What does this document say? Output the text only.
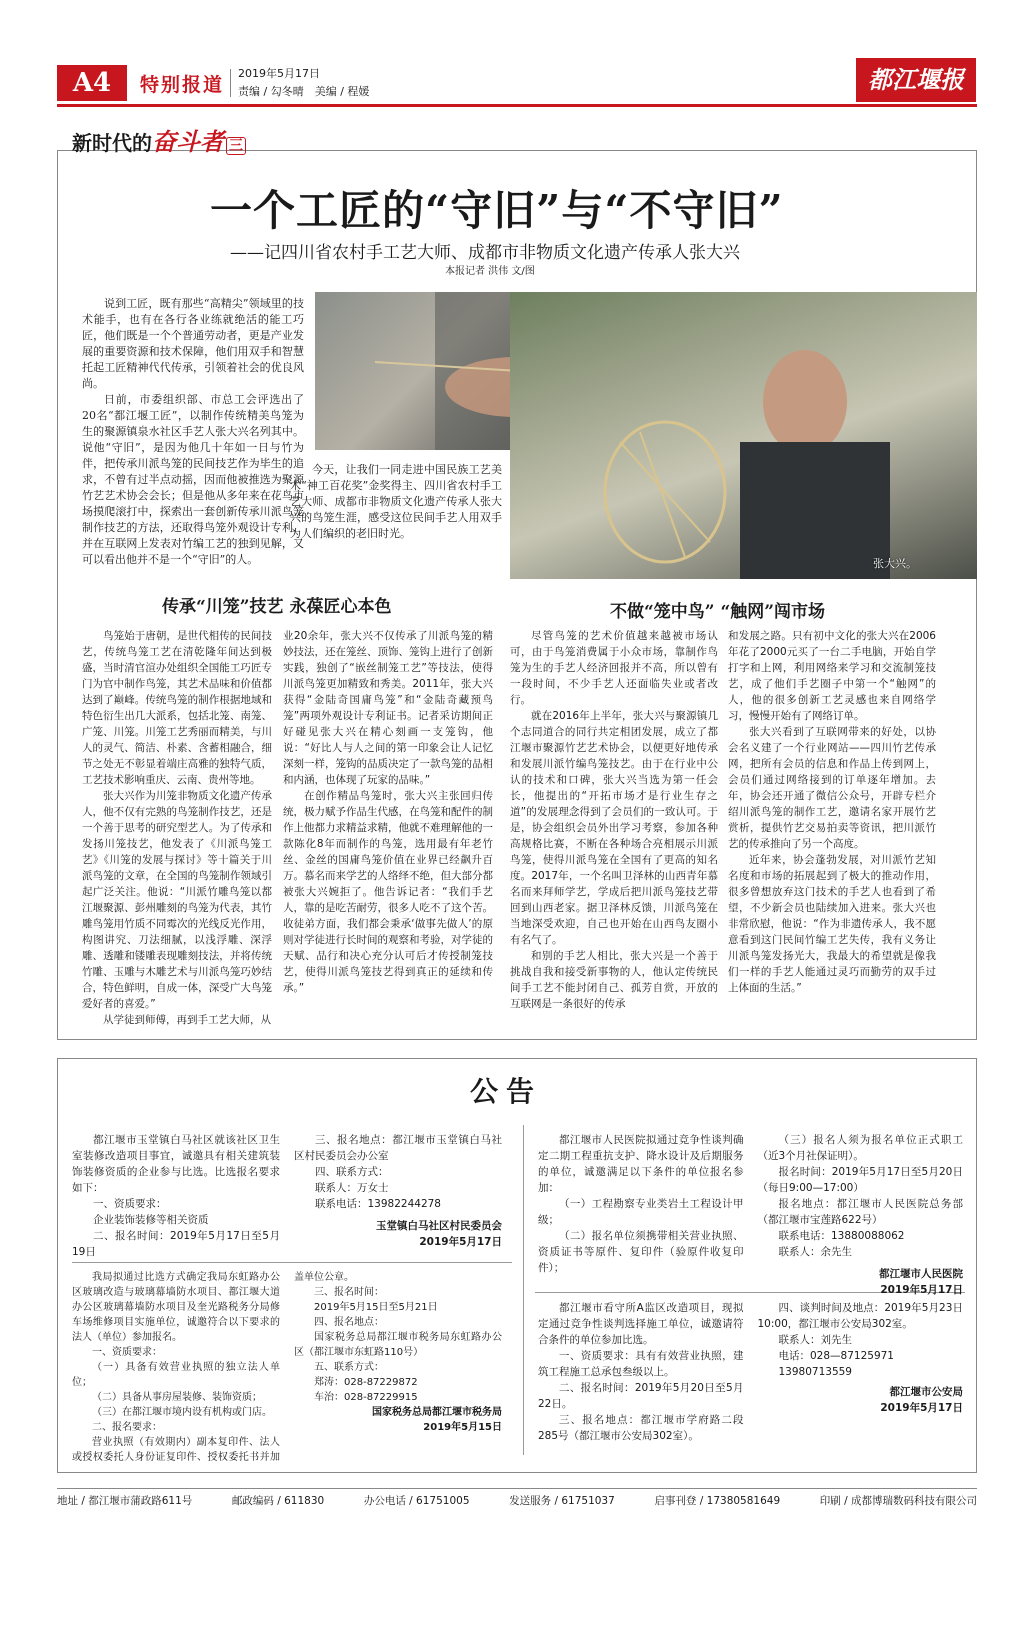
A4	特别报道
2019年5月17日
责编 / 勾冬晴　美编 / 程媛	都江堰报
新时代的奋斗者 三
一个工匠的“守旧”与“不守旧”
——记四川省农村手工艺大师、成都市非物质文化遗产传承人张大兴
本报记者 洪伟 文/图

说到工匠，既有那些“高精尖”领域里的技术能手，也有在各行各业练就绝活的能工巧匠，他们既是一个个普通劳动者，更是产业发展的重要资源和技术保障，他们用双手和智慧托起工匠精神代代传承，引领着社会的优良风尚。

日前，市委组织部、市总工会评选出了20名“都江堰工匠”，以制作传统精美鸟笼为生的聚源镇泉水社区手艺人张大兴名列其中。说他“守旧”，是因为他几十年如一日与竹为伴，把传承川派鸟笼的民间技艺作为毕生的追求，不曾有过半点动摇，因而他被推选为聚源竹艺艺术协会会长；但是他从多年来在花鸟市场摸爬滚打中，探索出一套创新传承川派鸟笼制作技艺的方法，还取得鸟笼外观设计专利，并在互联网上发表对竹编工艺的独到见解，又可以看出他并不是一个“守旧”的人。

今天，让我们一同走进中国民族工艺美术“神工百花奖”金奖得主、四川省农村手工艺大师、成都市非物质文化遗产传承人张大兴的鸟笼生涯，感受这位民间手艺人用双手为人们编织的老旧时光。

张大兴。
传承“川笼”技艺 永葆匠心本色	不做“笼中鸟” “触网”闯市场

鸟笼始于唐朝，是世代相传的民间技艺，传统鸟笼工艺在清乾隆年间达到极盛，当时清官渲办处组织全国能工巧匠专门为官中制作鸟笼，其艺术品味和价值都达到了巅峰。传统鸟笼的制作根据地域和特色衍生出几大派系，包括北笼、南笼、广笼、川笼。川笼工艺秀丽而精美，与川人的灵气、简洁、朴素、含蓄相融合，细节之处无不彰显着端庄高雅的独特气质，工艺技术影响重庆、云南、贵州等地。

张大兴作为川笼非物质文化遗产传承人，他不仅有完熟的鸟笼制作技艺，还是一个善于思考的研究型艺人。为了传承和发扬川笼技艺，他发表了《川派鸟笼工艺》《川笼的发展与探讨》等十篇关于川派鸟笼的文章，在全国的鸟笼制作领域引起广泛关注。他说：“川派竹雕鸟笼以都江堰聚源、彭州雕刻的鸟笼为代表，其竹雕鸟笼用竹质不同霉次的光线反光作用，构图讲究、刀法细腻，以浅浮雕、深浮雕、透雕和镂雕表现雕刻技法，并将传统竹雕、玉雕与木雕艺术与川派鸟笼巧妙结合，特色鲜明，自成一体，深受广大鸟笼爱好者的喜爱。”

从学徒到师傅，再到手工艺大师，从

业20余年，张大兴不仅传承了川派鸟笼的精妙技法，还在笼丝、顶饰、笼钩上进行了创新实践，独创了“嵌丝制笼工艺”等技法，使得川派鸟笼更加精致和秀美。2011年，张大兴获得“金陆奇国庸鸟笼”和“金陆奇藏预鸟笼”两项外观设计专利证书。记者采访期间正好碰见张大兴在精心刻画一支笼钩，他说：“好比人与人之间的第一印象会让人记忆深刻一样，笼钩的品质决定了一款鸟笼的品相和内涵，也体现了玩家的品味。”

在创作精品鸟笼时，张大兴主张回归传统，极力赋予作品生代感，在鸟笼和配件的制作上他都力求精益求精，他就不难理解他的一款陈化8年而制作的鸟笼，选用最有年老竹丝、金丝的国庸鸟笼价值在业界已经飙升百万。慕名而来学艺的人络绎不绝，但大部分都被张大兴婉拒了。他告诉记者：“我们手艺人，靠的是吃苦耐劳，很多人吃不了这个苦。收徒弟方面，我们都会秉承‘做事先做人’的原则对学徒进行长时间的观察和考验，对学徒的天赋、品行和决心充分认可后才传授制笼技艺，使得川派鸟笼技艺得到真正的延续和传承。”

尽管鸟笼的艺术价值越来越被市场认可，由于鸟笼消费属于小众市场，靠制作鸟笼为生的手艺人经济回报并不高，所以曾有一段时间，不少手艺人还面临失业或者改行。

就在2016年上半年，张大兴与聚源镇几个志同道合的同行共定相团发展，成立了都江堰市聚源竹艺艺术协会，以便更好地传承和发展川派竹编鸟笼技艺。由于在行业中公认的技术和口碑，张大兴当选为第一任会长，他提出的“开拓市场才是行业生存之道”的发展理念得到了会员们的一致认可。于是，协会组织会员外出学习考察，参加各种高规格比赛，不断在各种场合亮相展示川派鸟笼，使得川派鸟笼在全国有了更高的知名度。2017年，一个名叫卫泽林的山西青年慕名而来拜师学艺，学成后把川派鸟笼技艺带回到山西老家。据卫泽林反馈，川派鸟笼在当地深受欢迎，自己也开始在山西鸟友圈小有名气了。

和别的手艺人相比，张大兴是一个善于挑战自我和接受新事物的人，他认定传统民间手工艺不能封闭自己、孤芳自赏，开放的互联网是一条很好的传承

和发展之路。只有初中文化的张大兴在2006年花了2000元买了一台二手电脑，开始自学打字和上网，利用网络来学习和交流制笼技艺，成了他们手艺圈子中第一个“触网”的人，他的很多创新工艺灵感也来自网络学习，慢慢开始有了网络订单。

张大兴看到了互联网带来的好处，以协会名义建了一个行业网站——四川竹艺传承网，把所有会员的信息和作品上传到网上，会员们通过网络接到的订单逐年增加。去年，协会还开通了微信公众号，开辟专栏介绍川派鸟笼的制作工艺，邀请名家开展竹艺赏析，提供竹艺交易拍卖等资讯，把川派竹艺的传承推向了另一个高度。

近年来，协会蓬勃发展，对川派竹艺知名度和市场的拓展起到了极大的推动作用，很多曾想放弃这门技术的手艺人也看到了希望，不少新会员也陆续加入进来。张大兴也非常欣慰，他说：“作为非遗传承人，我不愿意看到这门民间竹编工艺失传，我有义务让川派鸟笼发扬光大，我最大的希望就是像我们一样的手艺人能通过灵巧而勤劳的双手过上体面的生活。”

公告

都江堰市玉堂镇白马社区就该社区卫生室装修改造项目事宜，诚邀具有相关建筑装饰装修资质的企业参与比选。比选报名要求如下：

一、资质要求：

企业装饰装修等相关资质

二、报名时间：2019年5月17日至5月19日

三、报名地点：都江堰市玉堂镇白马社区村民委员会办公室

四、联系方式：

联系人：万女士

联系电话：13982244278

玉堂镇白马社区村民委员会

2019年5月17日

都江堰市人民医院拟通过竞争性谈判确定二期工程重抗支护、降水设计及后期服务的单位，诚邀满足以下条件的单位报名参加：

（一）工程勘察专业类岩土工程设计甲级；

（二）报名单位须携带相关营业执照、资质证书等原件、复印件（验原件收复印件）；

（三）报名人须为报名单位正式职工（近3个月社保证明）。

报名时间：2019年5月17日至5月20日（每日9:00—17:00）

报名地点：都江堰市人民医院总务部（都江堰市宝莲路622号）

联系电话：13880088062

联系人：余先生

都江堰市人民医院

2019年5月17日

我局拟通过比选方式确定我局东虹路办公区玻璃改造与玻璃幕墙防水项目、都江堰大道办公区玻璃幕墙防水项目及奎光路税务分局修车场维修项目实施单位，诚邀符合以下要求的法人（单位）参加报名。

一、资质要求：

（一）具备有效营业执照的独立法人单位；

（二）具备从事房屋装修、装饰资质；

（三）在都江堰市境内设有机构或门店。

二、报名要求：

营业执照（有效期内）副本复印件、法人或授权委托人身份证复印件、授权委托书并加盖单位公章。

三、报名时间：

2019年5月15日至5月21日

四、报名地点：

国家税务总局都江堰市税务局东虹路办公区（都江堰市东虹路110号）

五、联系方式：

郑涛：028-87229872

车治：028-87229915

国家税务总局都江堰市税务局

2019年5月15日

都江堰市看守所A监区改造项目，现拟定通过竞争性谈判选择施工单位，诚邀请符合条件的单位参加比选。

一、资质要求：具有有效营业执照，建筑工程施工总承包叁级以上。

二、报名时间：2019年5月20日至5月22日。

三、报名地点：都江堰市学府路二段285号（都江堰市公安局302室）。

四、谈判时间及地点：2019年5月23日10:00，都江堰市公安局302室。

联系人：刘先生

电话：028—87125971

13980713559

都江堰市公安局

2019年5月17日

地址 / 都江堰市蒲政路611号	邮政编码 / 611830	办公电话 / 61751005	发送服务 / 61751037	启事刊登 / 17380581649	印刷 / 成都博瑞数码科技有限公司
